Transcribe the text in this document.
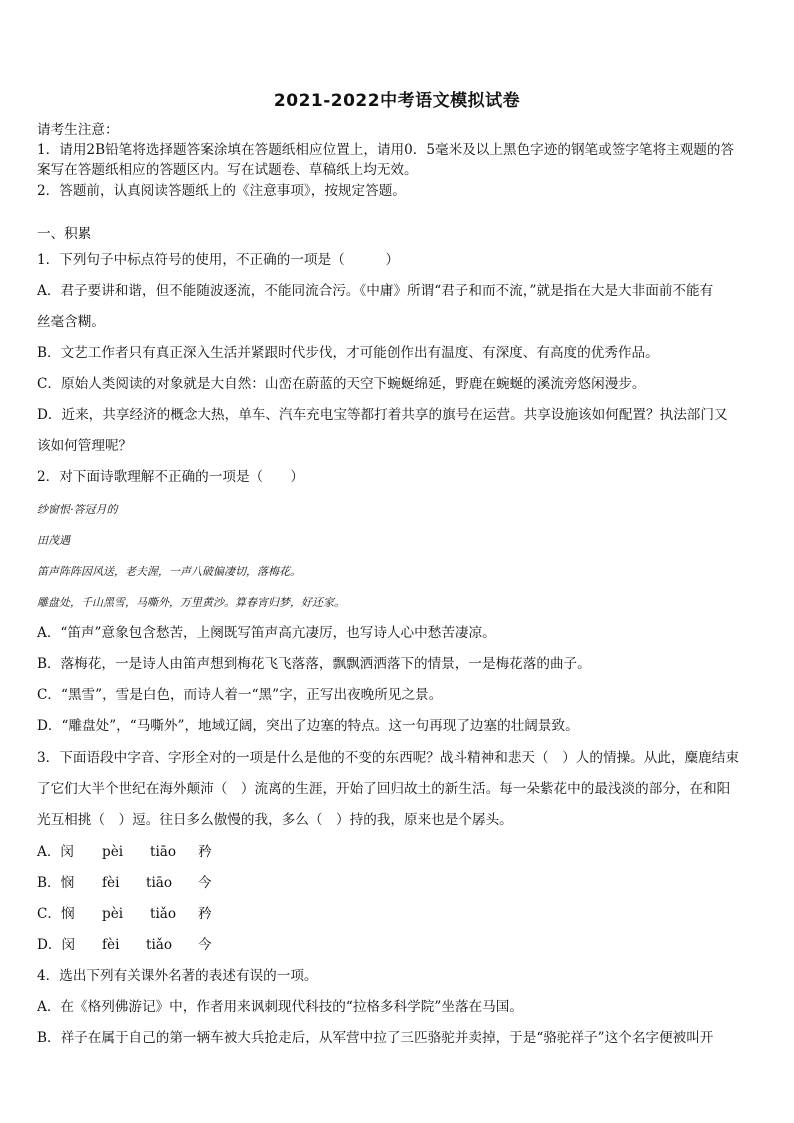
2021-2022中考语文模拟试卷
请考生注意：
1．请用2B铅笔将选择题答案涂填在答题纸相应位置上，请用0．5毫米及以上黑色字迹的钢笔或签字笔将主观题的答
案写在答题纸相应的答题区内。写在试题卷、草稿纸上均无效。
2．答题前，认真阅读答题纸上的《注意事项》，按规定答题。
一、积累
1．下列句子中标点符号的使用，不正确的一项是（　　　）
A．君子要讲和谐，但不能随波逐流，不能同流合污。《中庸》所谓“君子和而不流，”就是指在大是大非面前不能有
丝毫含糊。
B．文艺工作者只有真正深入生活并紧跟时代步伐，才可能创作出有温度、有深度、有高度的优秀作品。
C．原始人类阅读的对象就是大自然：山峦在蔚蓝的天空下蜿蜒绵延，野鹿在蜿蜒的溪流旁悠闲漫步。
D．近来，共享经济的概念大热，单车、汽车充电宝等都打着共享的旗号在运营。共享设施该如何配置？执法部门又
该如何管理呢？
2．对下面诗歌理解不正确的一项是（　　）
纱窗恨·答冠月的
田茂遇
笛声阵阵因风送，老夫渥，一声八破偏凄切，落梅花。
雕盘处，千山黑雪，马嘶外，万里黄沙。算春宵归梦，好还家。
A．“笛声”意象包含愁苦，上阕既写笛声高亢凄厉，也写诗人心中愁苦凄凉。
B．落梅花，一是诗人由笛声想到梅花飞飞落落，飘飘洒洒落下的情景，一是梅花落的曲子。
C．“黑雪”，雪是白色，而诗人着一“黑”字，正写出夜晚所见之景。
D．“雕盘处”，“马嘶外”，地域辽阔，突出了边塞的特点。这一句再现了边塞的壮阔景致。
3．下面语段中字音、字形全对的一项是什么是他的不变的东西呢？战斗精神和悲天（　）人的情操。从此，麋鹿结束
了它们大半个世纪在海外颠沛（　）流离的生涯，开始了回归故土的新生活。每一朵紫花中的最浅淡的部分，在和阳
光互相挑（　）逗。往日多么傲慢的我，多么（　）持的我，原来也是个孱头。
A．闵 pèi tiāo 矜
B．悯 fèi tiāo 今
C．悯 pèi tiǎo 矜
D．闵 fèi tiǎo 今
4．选出下列有关课外名著的表述有误的一项。
A．在《格列佛游记》中，作者用来讽刺现代科技的“拉格多科学院”坐落在马国。
B．祥子在属于自己的第一辆车被大兵抢走后，从军营中拉了三匹骆驼并卖掉，于是“骆驼祥子”这个名字便被叫开
